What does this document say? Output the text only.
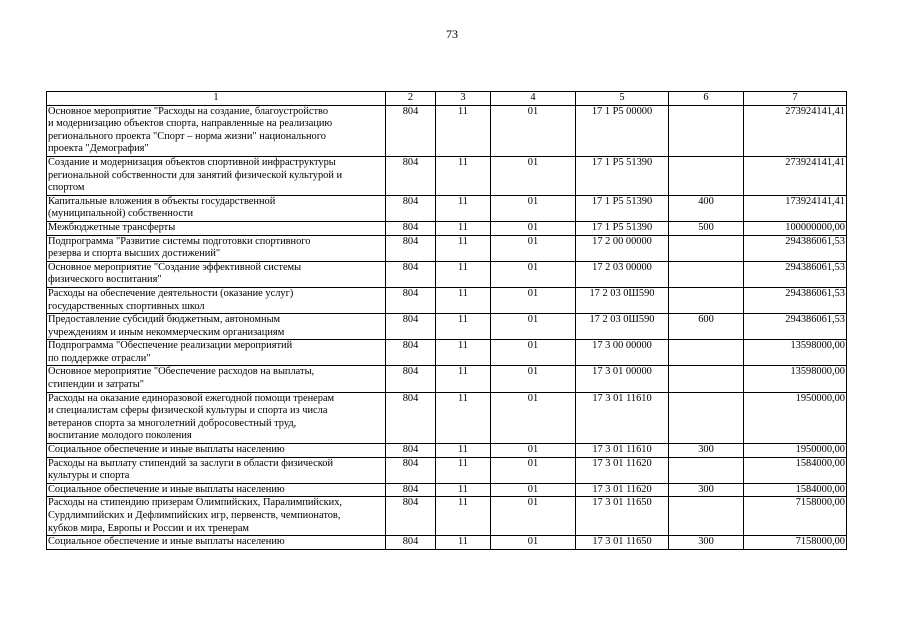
73
1	2	3	4	5	6	7
Основное мероприятие "Расходы на создание, благоустройство
и модернизацию объектов спорта, направленные на реализацию
регионального проекта "Спорт – норма жизни" национального
проекта "Демография"	804	11	01	17 1 Р5 00000		273924141,41
Создание и модернизация объектов спортивной инфраструктуры
региональной собственности для занятий физической культурой и
спортом	804	11	01	17 1 Р5 51390		273924141,41
Капитальные вложения в объекты государственной
(муниципальной) собственности	804	11	01	17 1 Р5 51390	400	173924141,41
Межбюджетные трансферты	804	11	01	17 1 Р5 51390	500	100000000,00
Подпрограмма "Развитие системы подготовки спортивного
резерва и спорта высших достижений"	804	11	01	17 2 00 00000		294386061,53
Основное мероприятие "Создание эффективной системы
физического воспитания"	804	11	01	17 2 03 00000		294386061,53
Расходы на обеспечение деятельности (оказание услуг)
государственных спортивных школ	804	11	01	17 2 03 0Ш590		294386061,53
Предоставление субсидий бюджетным, автономным
учреждениям и иным некоммерческим организациям	804	11	01	17 2 03 0Ш590	600	294386061,53
Подпрограмма "Обеспечение реализации мероприятий
по поддержке отрасли"	804	11	01	17 3 00 00000		13598000,00
Основное мероприятие "Обеспечение расходов на выплаты,
стипендии и затраты"	804	11	01	17 3 01 00000		13598000,00
Расходы на оказание единоразовой ежегодной помощи тренерам
и специалистам сферы физической культуры и спорта из числа
ветеранов спорта за многолетний добросовестный труд,
воспитание молодого поколения	804	11	01	17 3 01 11610		1950000,00
Социальное обеспечение и иные выплаты населению	804	11	01	17 3 01 11610	300	1950000,00
Расходы на выплату стипендий за заслуги в области физической
культуры и спорта	804	11	01	17 3 01 11620		1584000,00
Социальное обеспечение и иные выплаты населению	804	11	01	17 3 01 11620	300	1584000,00
Расходы на стипендию призерам Олимпийских, Паралимпийских,
Сурдлимпийских и Дефлимпийских игр, первенств, чемпионатов,
кубков мира, Европы и России и их тренерам	804	11	01	17 3 01 11650		7158000,00
Социальное обеспечение и иные выплаты населению	804	11	01	17 3 01 11650	300	7158000,00
